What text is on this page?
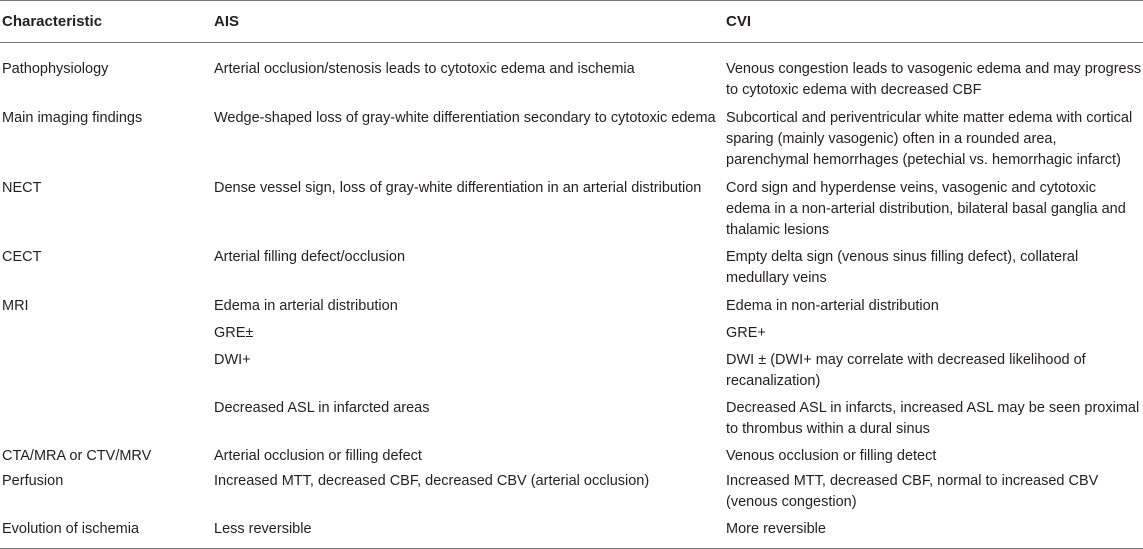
Characteristic	AIS	CVI
Pathophysiology	Arterial occlusion/stenosis leads to cytotoxic edema and ischemia	Venous congestion leads to vasogenic edema and may progress to cytotoxic edema with decreased CBF
Main imaging findings	Wedge-shaped loss of gray-white differentiation secondary to cytotoxic edema	Subcortical and periventricular white matter edema with cortical sparing (mainly vasogenic) often in a rounded area, parenchymal hemorrhages (petechial vs. hemorrhagic infarct)
NECT	Dense vessel sign, loss of gray-white differentiation in an arterial distribution	Cord sign and hyperdense veins, vasogenic and cytotoxic edema in a non-arterial distribution, bilateral basal ganglia and thalamic lesions
CECT	Arterial filling defect/occlusion	Empty delta sign (venous sinus filling defect), collateral medullary veins
MRI	Edema in arterial distribution	Edema in non-arterial distribution
	GRE±	GRE+
	DWI+	DWI ± (DWI+ may correlate with decreased likelihood of recanalization)
	Decreased ASL in infarcted areas	Decreased ASL in infarcts, increased ASL may be seen proximal to thrombus within a dural sinus
CTA/MRA or CTV/MRV	Arterial occlusion or filling defect	Venous occlusion or filling detect
Perfusion	Increased MTT, decreased CBF, decreased CBV (arterial occlusion)	Increased MTT, decreased CBF, normal to increased CBV (venous congestion)
Evolution of ischemia	Less reversible	More reversible
